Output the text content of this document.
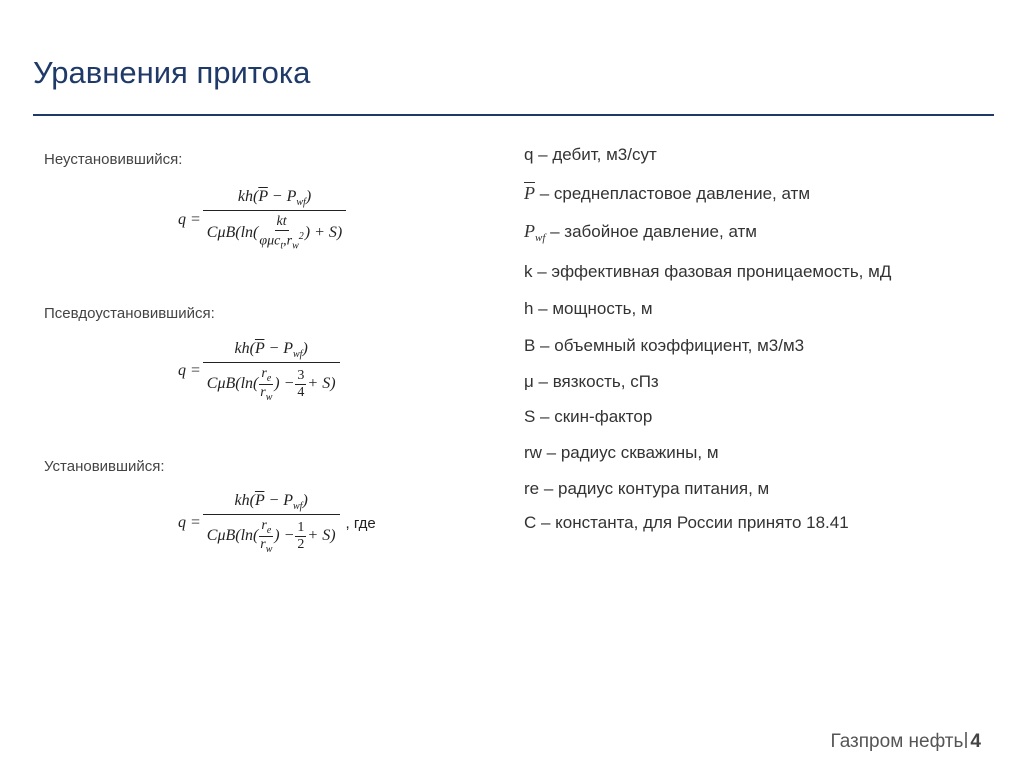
Уравнения притока
Неустановившийся:
$q = kh(\overline{P} - P_{wf})$
CμB(ln(
kt
$\varphi\mu c_t,r_w^2$ ) + S)
Псевдоустановившийся:
$q = kh(\overline{P} - P_{wf})$
CμB(ln(
$r_e$
$r_w$
) − $\frac{3}{4} + S$)
Установившийся:
$q = kh(\overline{P} - P_{wf})$
CμB(ln(
$r_e$
$r_w$
) − $\frac{1}{2} + S$) , где
q – дебит, м3/сут
$\overline{P}$ – среднепластовое давление, атм
$P_{wf}$ – забойное давление, атм
k – эффективная фазовая проницаемость, мД
h – мощность, м
B – объемный коэффициент, м3/м3
μ – вязкость, сПз
S – скин-фактор
rw – радиус скважины, м
re – радиус контура питания, м
C – константа, для России принято 18.41
Газпром нефть 4
